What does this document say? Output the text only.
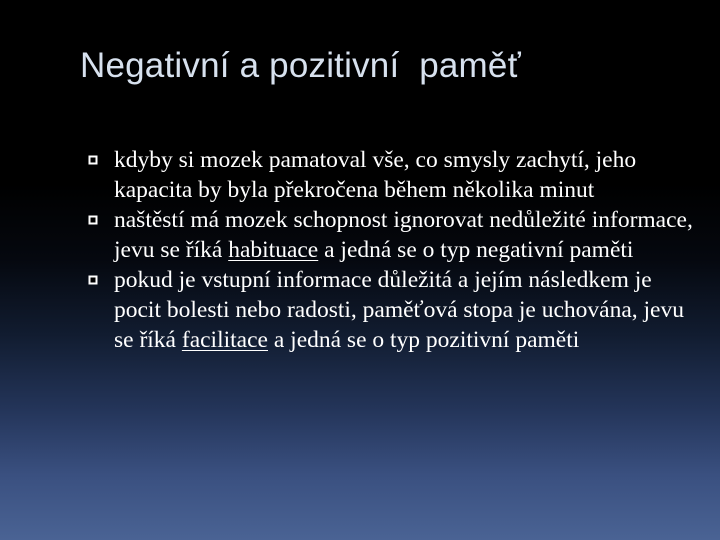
Negativní a pozitivní  paměť
kdyby si mozek pamatoval vše, co smysly zachytí, jeho kapacita by byla překročena během několika minut
naštěstí má mozek schopnost ignorovat nedůležité informace, jevu se říká habituace a jedná se o typ negativní paměti
pokud je vstupní informace důležitá a jejím následkem je pocit bolesti nebo radosti, paměťová stopa je uchována, jevu se říká facilitace a jedná se o typ pozitivní paměti
